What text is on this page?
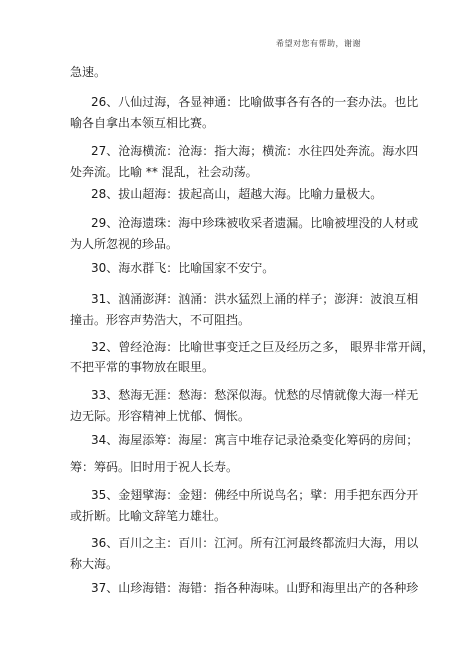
希望对您有帮助，谢谢
急速。
26、八仙过海，各显神通：比喻做事各有各的一套办法。也比
喻各自拿出本领互相比赛。
27、沧海横流：沧海：指大海；横流：水往四处奔流。海水四
处奔流。比喻 ** 混乱，社会动荡。
28、拔山超海：拔起高山，超越大海。比喻力量极大。
29、沧海遗珠：海中珍珠被收采者遗漏。比喻被埋没的人材或
为人所忽视的珍品。
30、海水群飞：比喻国家不安宁。
31、汹涌澎湃：汹涌：洪水猛烈上涌的样子；澎湃：波浪互相
撞击。形容声势浩大，不可阻挡。
32、曾经沧海：比喻世事变迁之巨及经历之多， 眼界非常开阔，
不把平常的事物放在眼里。
33、愁海无涯：愁海：愁深似海。忧愁的尽情就像大海一样无
边无际。形容精神上忧郁、惆怅。
34、海屋添筹：海屋：寓言中堆存记录沧桑变化筹码的房间；
筹：筹码。旧时用于祝人长寿。
35、金翅擘海：金翅：佛经中所说鸟名；擘：用手把东西分开
或折断。比喻文辞笔力雄壮。
36、百川之主：百川：江河。所有江河最终都流归大海，用以
称大海。
37、山珍海错：海错：指各种海味。山野和海里出产的各种珍
